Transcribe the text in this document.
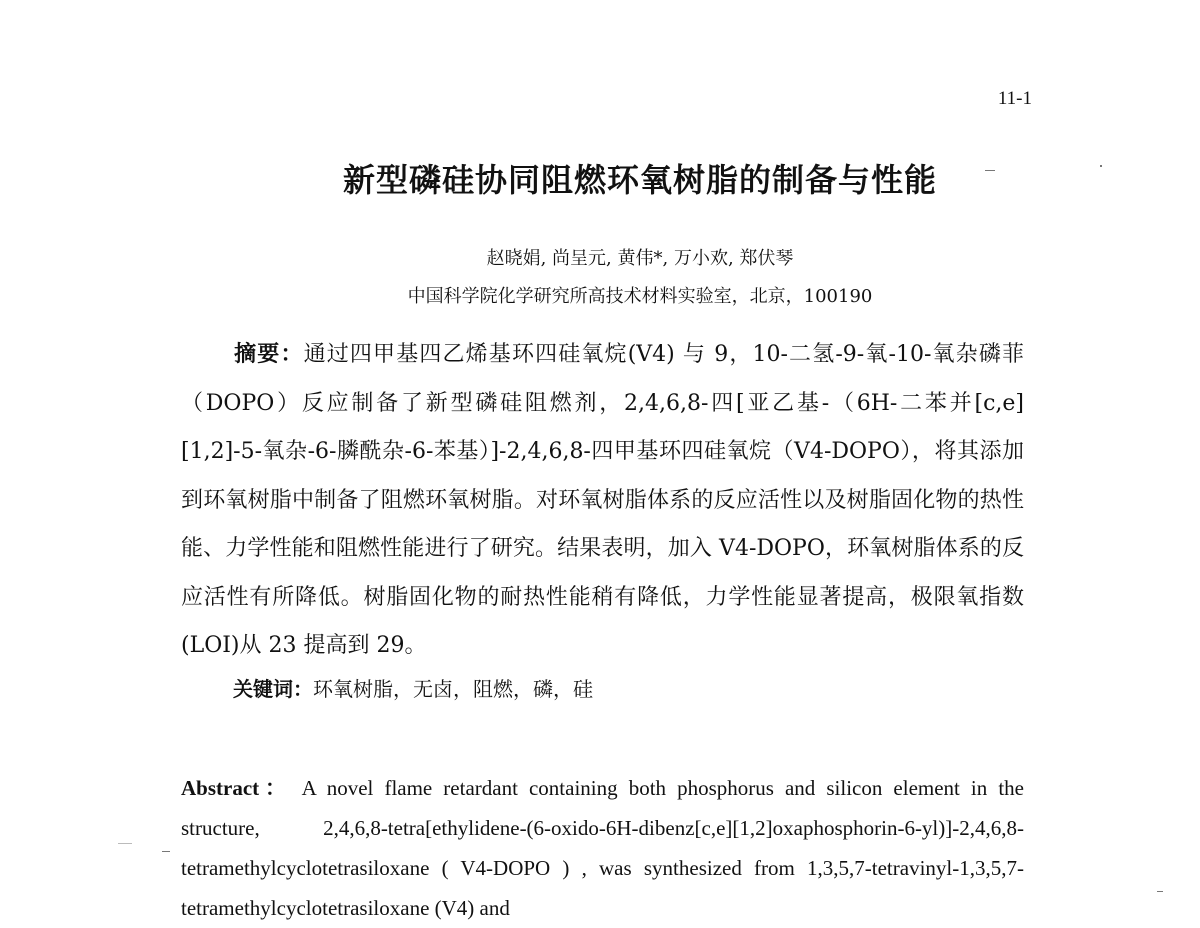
11-1
新型磷硅协同阻燃环氧树脂的制备与性能
赵晓娟, 尚呈元, 黄伟*, 万小欢, 郑伏琴
中国科学院化学研究所高技术材料实验室，北京，100190
摘要：通过四甲基四乙烯基环四硅氧烷(V4) 与 9，10-二氢-9-氧-10-氧杂磷菲（DOPO）反应制备了新型磷硅阻燃剂，2,4,6,8-四[亚乙基-（6H-二苯并[c,e][1,2]-5-氧杂-6-膦酰杂-6-苯基）]-2,4,6,8-四甲基环四硅氧烷（V4-DOPO），将其添加到环氧树脂中制备了阻燃环氧树脂。对环氧树脂体系的反应活性以及树脂固化物的热性能、力学性能和阻燃性能进行了研究。结果表明，加入 V4-DOPO，环氧树脂体系的反应活性有所降低。树脂固化物的耐热性能稍有降低，力学性能显著提高，极限氧指数(LOI)从 23 提高到 29。
关键词：环氧树脂，无卤，阻燃，磷，硅
Abstract： A novel flame retardant containing both phosphorus and silicon element in the structure, 2,4,6,8-tetra[ethylidene-(6-oxido-6H-dibenz[c,e][1,2]oxaphosphorin-6-yl)]-2,4,6,8-tetramethylcyclotetrasiloxane ( V4-DOPO ) , was synthesized from 1,3,5,7-tetravinyl-1,3,5,7-tetramethylcyclotetrasiloxane (V4) and
